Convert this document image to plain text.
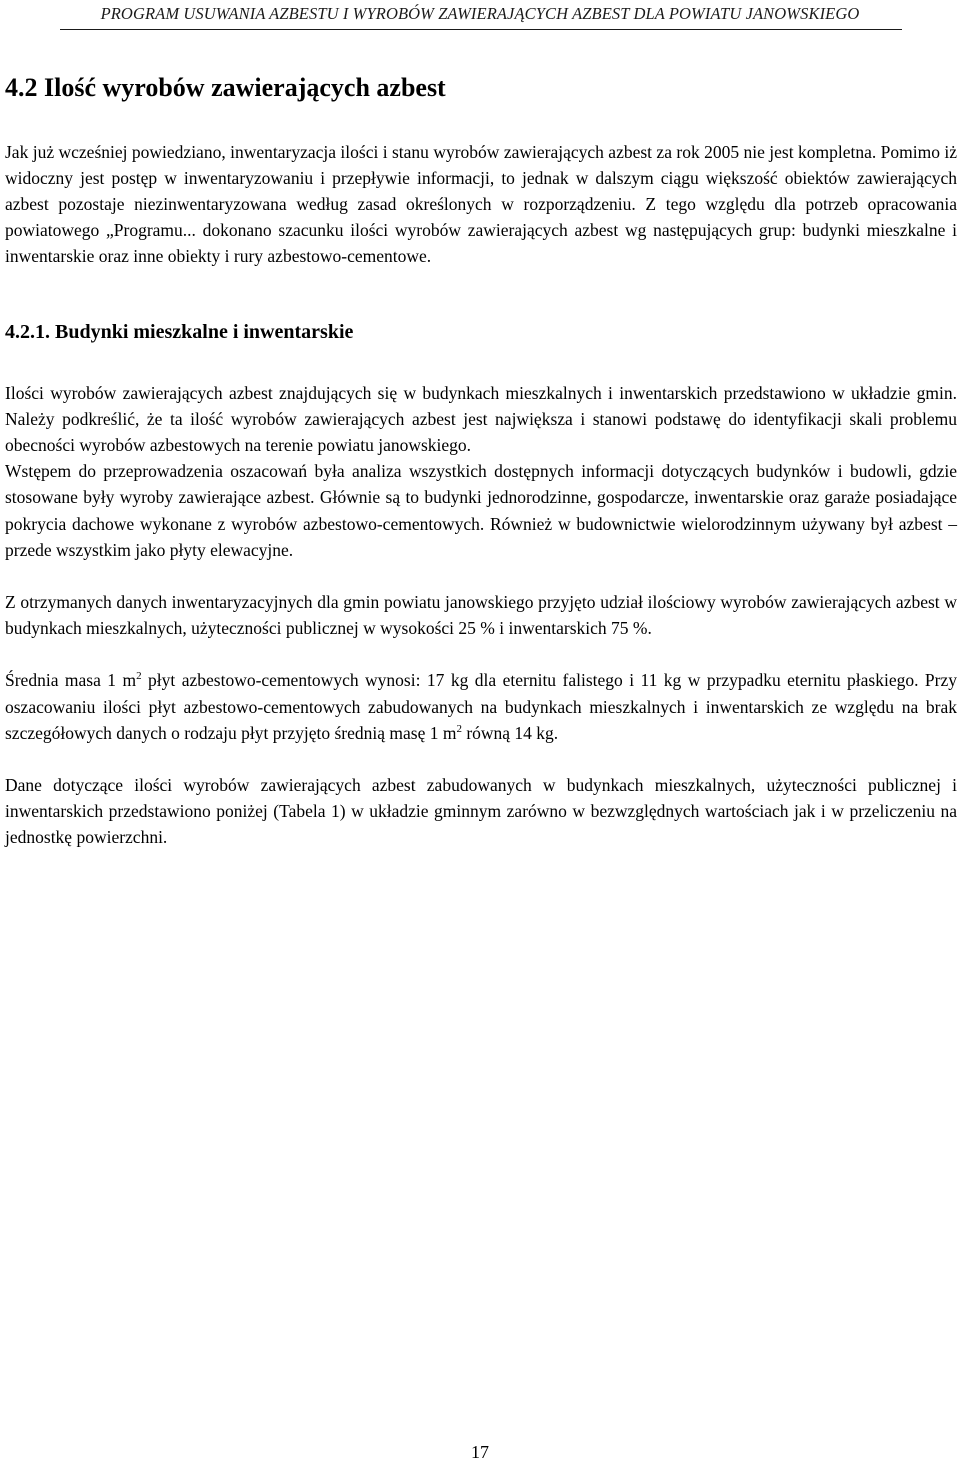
PROGRAM USUWANIA AZBESTU I WYROBÓW ZAWIERAJĄCYCH AZBEST DLA POWIATU JANOWSKIEGO
4.2 Ilość wyrobów zawierających azbest

Jak już wcześniej powiedziano, inwentaryzacja ilości i stanu wyrobów zawierających azbest za rok 2005 nie jest kompletna. Pomimo iż widoczny jest postęp w inwentaryzowaniu i przepływie informacji, to jednak w dalszym ciągu większość obiektów zawierających azbest pozostaje niezinwentaryzowana według zasad określonych w rozporządzeniu. Z tego względu dla potrzeb opracowania powiatowego „Programu... dokonano szacunku ilości wyrobów zawierających azbest wg następujących grup: budynki mieszkalne i inwentarskie oraz inne obiekty i rury azbestowo-cementowe.

4.2.1. Budynki mieszkalne i inwentarskie

Ilości wyrobów zawierających azbest znajdujących się w budynkach mieszkalnych i inwentarskich przedstawiono w układzie gmin. Należy podkreślić, że ta ilość wyrobów zawierających azbest jest największa i stanowi podstawę do identyfikacji skali problemu obecności wyrobów azbestowych na terenie powiatu janowskiego.

Wstępem do przeprowadzenia oszacowań była analiza wszystkich dostępnych informacji dotyczących budynków i budowli, gdzie stosowane były wyroby zawierające azbest. Głównie są to budynki jednorodzinne, gospodarcze, inwentarskie oraz garaże posiadające pokrycia dachowe wykonane z wyrobów azbestowo-cementowych. Również w budownictwie wielorodzinnym używany był azbest – przede wszystkim jako płyty elewacyjne.

Z otrzymanych danych inwentaryzacyjnych dla gmin powiatu janowskiego przyjęto udział ilościowy wyrobów zawierających azbest w budynkach mieszkalnych, użyteczności publicznej w wysokości 25 % i inwentarskich 75 %.

Średnia masa 1 $m^2$ płyt azbestowo-cementowych wynosi: 17 kg dla eternitu falistego i 11 kg w przypadku eternitu płaskiego. Przy oszacowaniu ilości płyt azbestowo-cementowych zabudowanych na budynkach mieszkalnych i inwentarskich ze względu na brak szczegółowych danych o rodzaju płyt przyjęto średnią masę 1 $m^2$ równą 14 kg.

Dane dotyczące ilości wyrobów zawierających azbest zabudowanych w budynkach mieszkalnych, użyteczności publicznej i inwentarskich przedstawiono poniżej (Tabela 1) w układzie gminnym zarówno w bezwzględnych wartościach jak i w przeliczeniu na jednostkę powierzchni.

17
